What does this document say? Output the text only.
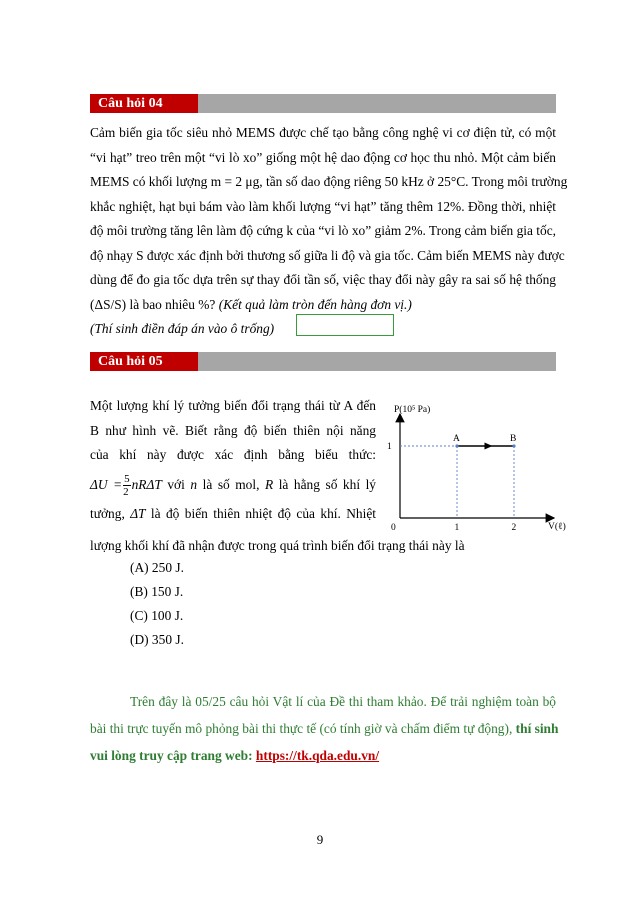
Câu hỏi 04
Cảm biến gia tốc siêu nhỏ MEMS được chế tạo bằng công nghệ vi cơ điện tử, có một
“vi hạt” treo trên một “vi lò xo” giống một hệ dao động cơ học thu nhỏ. Một cảm biến
MEMS có khối lượng m = 2 μg, tần số dao động riêng 50 kHz ở 25°C. Trong môi trường
khắc nghiệt, hạt bụi bám vào làm khối lượng “vi hạt” tăng thêm 12%. Đồng thời, nhiệt
độ môi trường tăng lên làm độ cứng k của “vi lò xo” giảm 2%. Trong cảm biến gia tốc,
độ nhạy S được xác định bởi thương số giữa li độ và gia tốc. Cảm biến MEMS này được
dùng để đo gia tốc dựa trên sự thay đổi tần số, việc thay đổi này gây ra sai số hệ thống
(ΔS/S) là bao nhiêu %? (Kết quả làm tròn đến hàng đơn vị.)
(Thí sinh điền đáp án vào ô trống)
Câu hỏi 05
Một lượng khí lý tưởng biến đổi trạng thái từ A đến
B như hình vẽ. Biết rằng độ biến thiên nội năng
của khí này được xác định bằng biểu thức:
$\Delta U = \frac{5}{2}$ nRΔT với n là số mol, R là hằng số khí lý
tưởng, ΔT là độ biến thiên nhiệt độ của khí. Nhiệt
lượng khối khí đã nhận được trong quá trình biến đổi trạng thái này là
P(10⁵ Pa)
V(ℓ)
0
A	B
1	2
1
(A) 250 J.
(B) 150 J.
(C) 100 J.
(D) 350 J.
Trên đây là 05/25 câu hỏi Vật lí của Đề thi tham khảo. Để trải nghiệm toàn bộ
bài thi trực tuyến mô phỏng bài thi thực tế (có tính giờ và chấm điểm tự động), thí sinh
vui lòng truy cập trang web: https://tk.qda.edu.vn/
9
